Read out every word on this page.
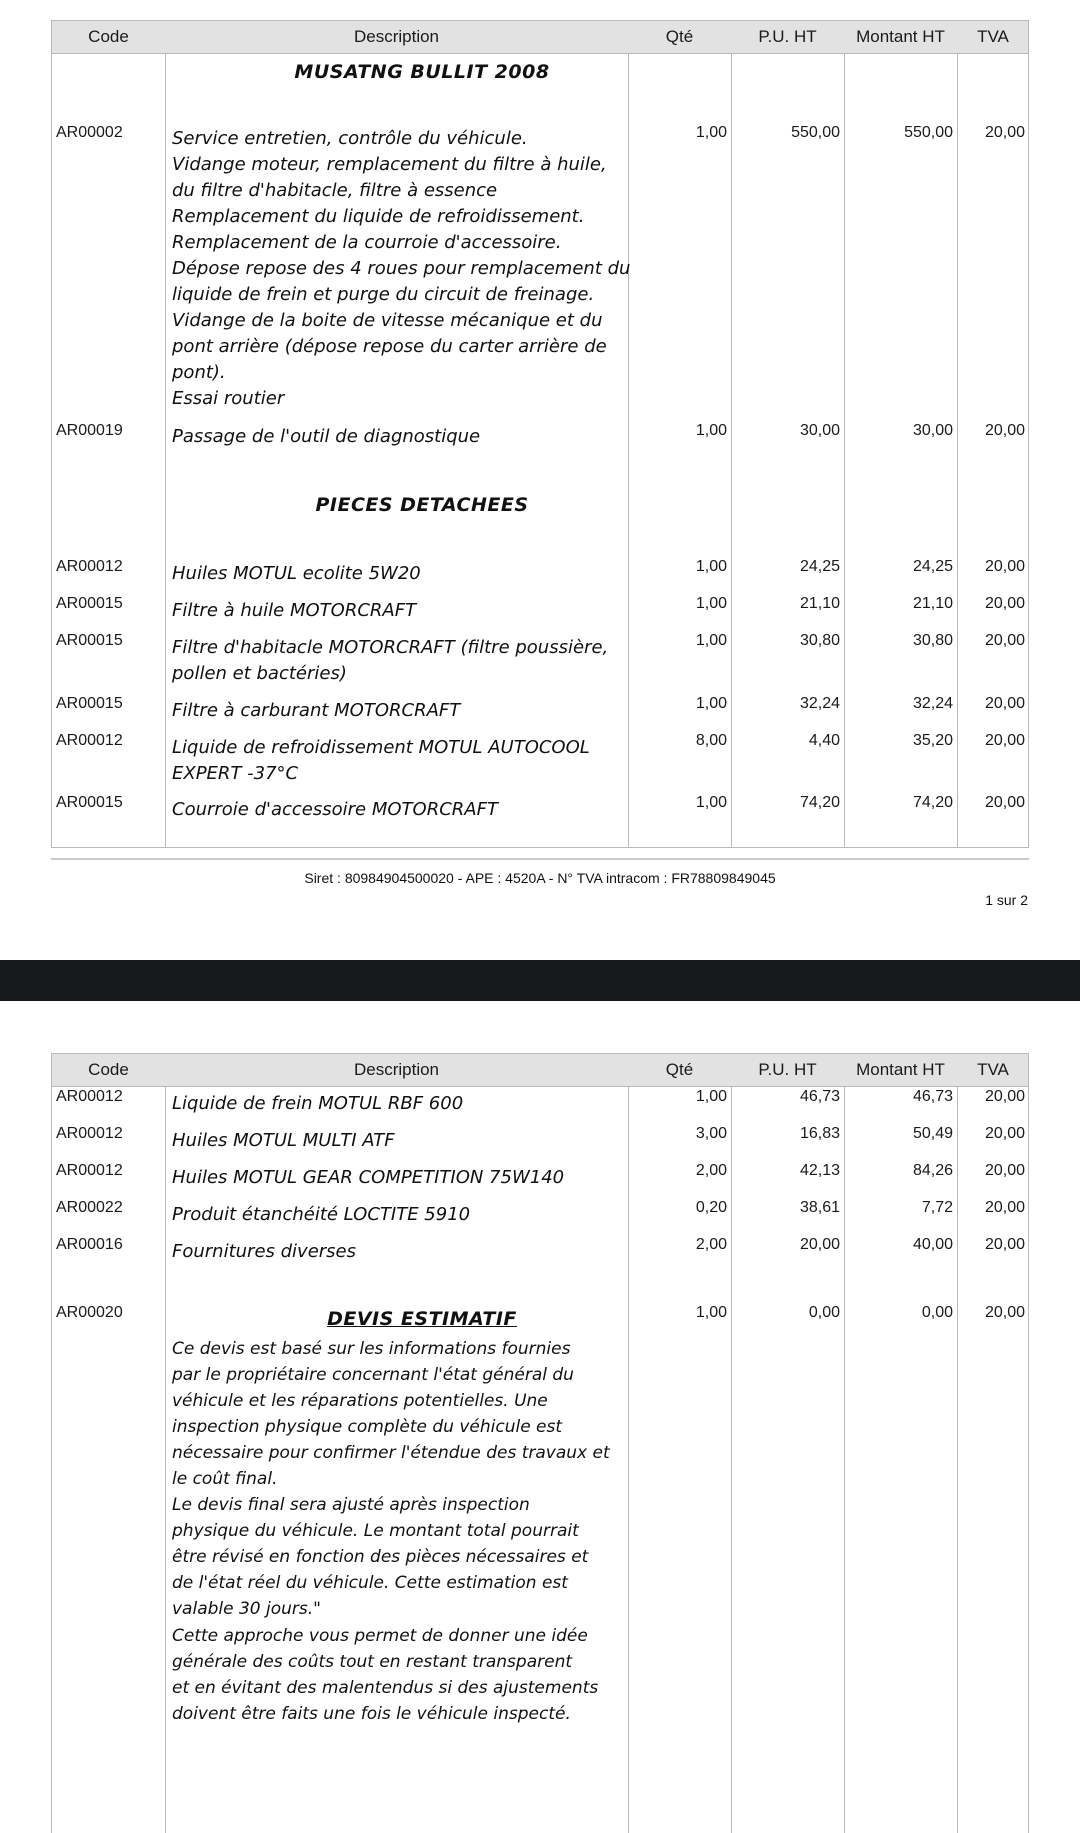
Code	Description	Qté	P.U. HT	Montant HT	TVA
MUSATNG BULLIT 2008
AR00002	Service entretien, contrôle du véhicule.
Vidange moteur, remplacement du filtre à huile,
du filtre d'habitacle, filtre à essence
Remplacement du liquide de refroidissement.
Remplacement de la courroie d'accessoire.
Dépose repose des 4 roues pour remplacement du
liquide de frein et purge du circuit de freinage.
Vidange de la boite de vitesse mécanique et du
pont arrière (dépose repose du carter arrière de
pont).
Essai routier
1,00	550,00	550,00	20,00
AR00019	Passage de l'outil de diagnostique	1,00	30,00	30,00	20,00
PIECES DETACHEES
AR00012	Huiles MOTUL ecolite 5W20	1,00	24,25	24,25	20,00
AR00015	Filtre à huile MOTORCRAFT	1,00	21,10	21,10	20,00
AR00015	Filtre d'habitacle MOTORCRAFT (filtre poussière,
pollen et bactéries)
1,00	30,80	30,80	20,00
AR00015	Filtre à carburant MOTORCRAFT	1,00	32,24	32,24	20,00
AR00012	Liquide de refroidissement MOTUL AUTOCOOL
EXPERT -37°C
8,00	4,40	35,20	20,00
AR00015	Courroie d'accessoire MOTORCRAFT	1,00	74,20	74,20	20,00
Siret : 80984904500020 - APE : 4520A - N° TVA intracom : FR78809849045
1 sur 2
Code	Description	Qté	P.U. HT	Montant HT	TVA
AR00012	Liquide de frein MOTUL RBF 600	1,00	46,73	46,73	20,00
AR00012	Huiles MOTUL MULTI ATF	3,00	16,83	50,49	20,00
AR00012	Huiles MOTUL GEAR COMPETITION 75W140	2,00	42,13	84,26	20,00
AR00022	Produit étanchéité LOCTITE 5910	0,20	38,61	7,72	20,00
AR00016	Fournitures diverses	2,00	20,00	40,00	20,00
AR00020	DEVIS ESTIMATIF	1,00	0,00	0,00	20,00
Ce devis est basé sur les informations fournies
par le propriétaire concernant l'état général du
véhicule et les réparations potentielles. Une
inspection physique complète du véhicule est
nécessaire pour confirmer l'étendue des travaux et
le coût final.
Le devis final sera ajusté après inspection
physique du véhicule. Le montant total pourrait
être révisé en fonction des pièces nécessaires et
de l'état réel du véhicule. Cette estimation est
valable 30 jours."
Cette approche vous permet de donner une idée
générale des coûts tout en restant transparent
et en évitant des malentendus si des ajustements
doivent être faits une fois le véhicule inspecté.
